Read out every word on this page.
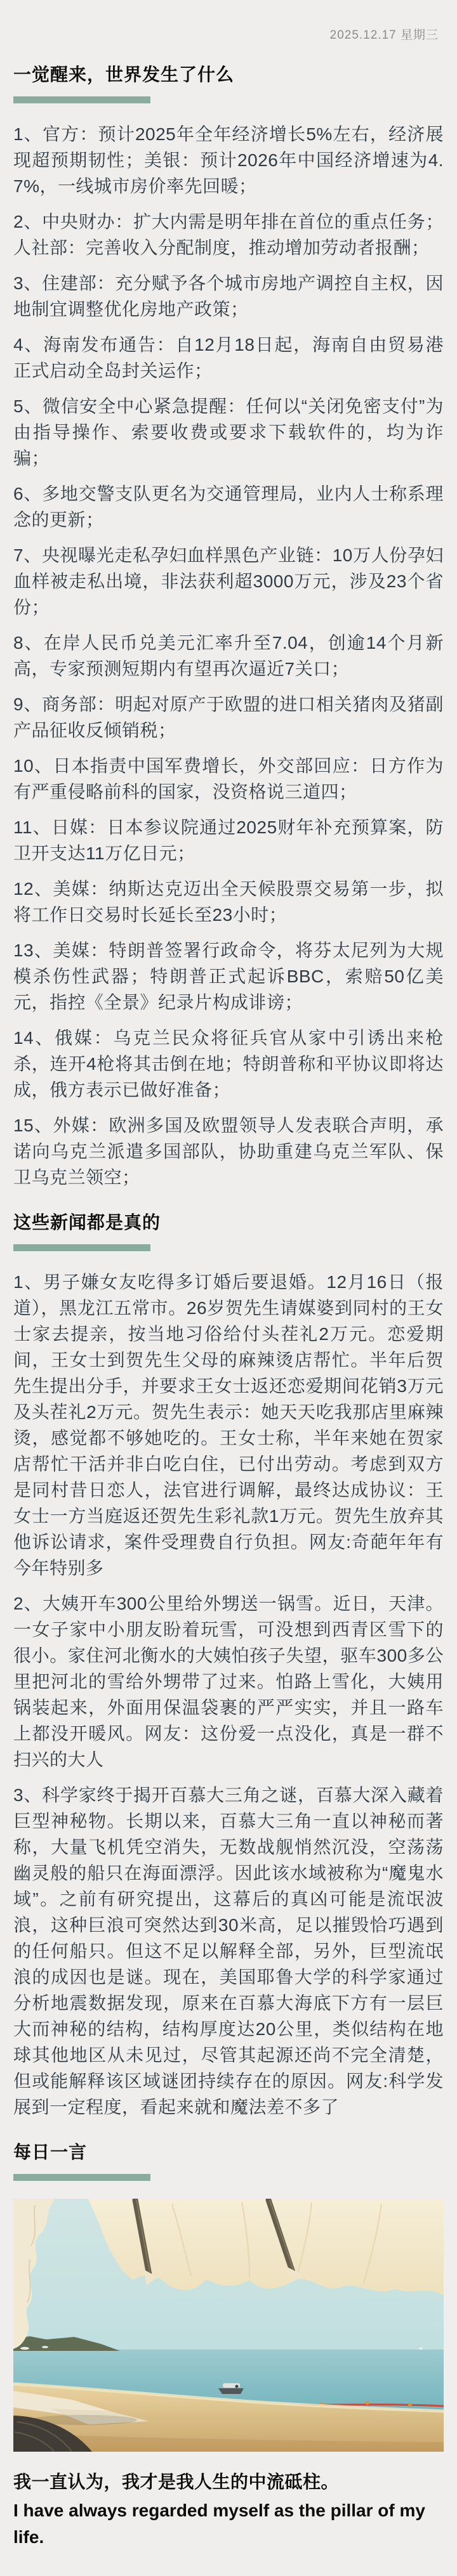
2025.12.17 星期三
一觉醒来，世界发生了什么

1、官方：预计2025年全年经济增长5%左右，经济展现超预期韧性；美银：预计2026年中国经济增速为4.7%，一线城市房价率先回暖；

2、中央财办：扩大内需是明年排在首位的重点任务；人社部：完善收入分配制度，推动增加劳动者报酬；

3、住建部：充分赋予各个城市房地产调控自主权，因地制宜调整优化房地产政策；

4、海南发布通告：自12月18日起，海南自由贸易港正式启动全岛封关运作；

5、微信安全中心紧急提醒：任何以“关闭免密支付”为由指导操作、索要收费或要求下载软件的，均为诈骗；

6、多地交警支队更名为交通管理局，业内人士称系理念的更新；

7、央视曝光走私孕妇血样黑色产业链：10万人份孕妇血样被走私出境，非法获利超3000万元，涉及23个省份；

8、在岸人民币兑美元汇率升至7.04，创逾14个月新高，专家预测短期内有望再次逼近7关口；

9、商务部：明起对原产于欧盟的进口相关猪肉及猪副产品征收反倾销税；

10、日本指责中国军费增长，外交部回应：日方作为有严重侵略前科的国家，没资格说三道四；

11、日媒：日本参议院通过2025财年补充预算案，防卫开支达11万亿日元；

12、美媒：纳斯达克迈出全天候股票交易第一步，拟将工作日交易时长延长至23小时；

13、美媒：特朗普签署行政命令，将芬太尼列为大规模杀伤性武器；特朗普正式起诉BBC，索赔50亿美元，指控《全景》纪录片构成诽谤；

14、俄媒：乌克兰民众将征兵官从家中引诱出来枪杀，连开4枪将其击倒在地；特朗普称和平协议即将达成，俄方表示已做好准备；

15、外媒：欧洲多国及欧盟领导人发表联合声明，承诺向乌克兰派遣多国部队，协助重建乌克兰军队、保卫乌克兰领空；

这些新闻都是真的

1、男子嫌女友吃得多订婚后要退婚。12月16日（报道），黑龙江五常市。26岁贺先生请媒婆到同村的王女士家去提亲，按当地习俗给付头茬礼2万元。恋爱期间，王女士到贺先生父母的麻辣烫店帮忙。半年后贺先生提出分手，并要求王女士返还恋爱期间花销3万元及头茬礼2万元。贺先生表示：她天天吃我那店里麻辣烫，感觉都不够她吃的。王女士称，半年来她在贺家店帮忙干活并非白吃白住，已付出劳动。考虑到双方是同村昔日恋人，法官进行调解，最终达成协议：王女士一方当庭返还贺先生彩礼款1万元。贺先生放弃其他诉讼请求，案件受理费自行负担。网友:奇葩年年有今年特别多

2、大姨开车300公里给外甥送一锅雪。近日，天津。一女子家中小朋友盼着玩雪，可没想到西青区雪下的很小。家住河北衡水的大姨怕孩子失望，驱车300多公里把河北的雪给外甥带了过来。怕路上雪化，大姨用锅装起来，外面用保温袋裹的严严实实，并且一路车上都没开暖风。网友：这份爱一点没化，真是一群不扫兴的大人

3、科学家终于揭开百慕大三角之谜，百慕大深入藏着巨型神秘物。长期以来，百慕大三角一直以神秘而著称，大量飞机凭空消失，无数战舰悄然沉没，空荡荡幽灵般的船只在海面漂浮。因此该水域被称为“魔鬼水域”。之前有研究提出，这幕后的真凶可能是流氓波浪，这种巨浪可突然达到30米高，足以摧毁恰巧遇到的任何船只。但这不足以解释全部，另外，巨型流氓浪的成因也是谜。现在，美国耶鲁大学的科学家通过分析地震数据发现，原来在百慕大海底下方有一层巨大而神秘的结构，结构厚度达20公里，类似结构在地球其他地区从未见过，尽管其起源还尚不完全清楚，但或能解释该区域谜团持续存在的原因。网友:科学发展到一定程度，看起来就和魔法差不多了

每日一言

我一直认为，我才是我人生的中流砥柱。

I have always regarded myself as the pillar of my life.
